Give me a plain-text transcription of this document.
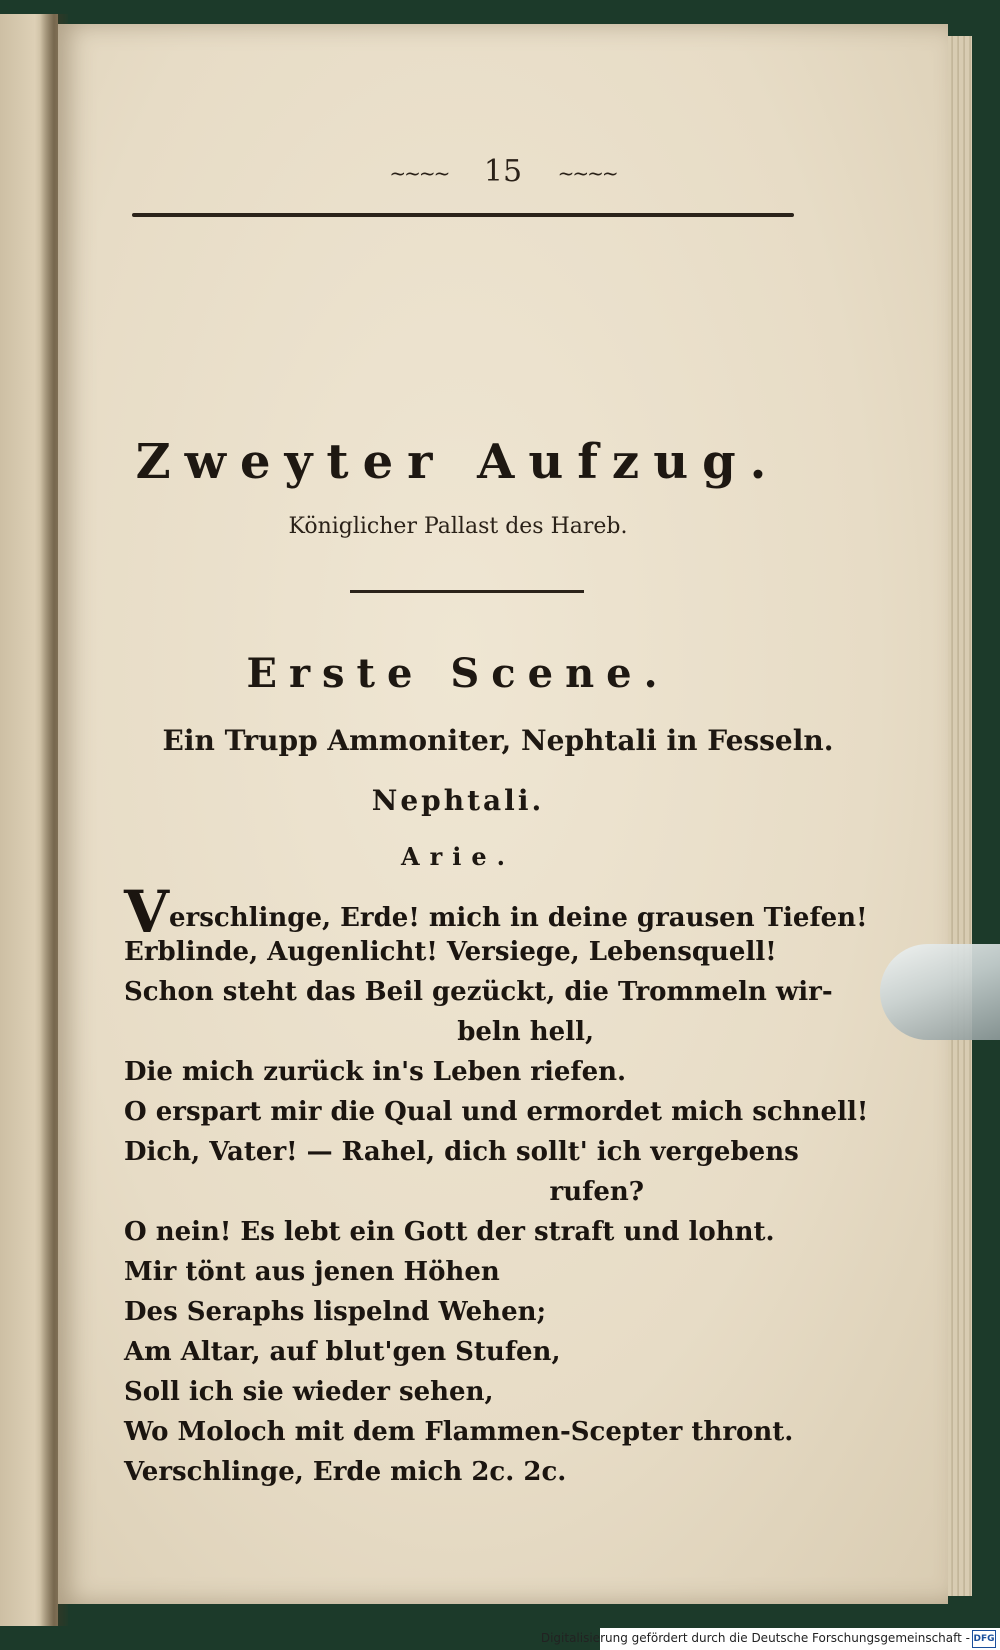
~~~~ 15 ~~~~
Zweyter Aufzug.
Königlicher Pallast des Hareb.
Erste Scene.
Ein Trupp Ammoniter, Nephtali in Fesseln.
Nephtali.
Arie.
Verschlinge, Erde! mich in deine grausen Tiefen!
Erblinde, Augenlicht! Versiege, Lebensquell!
Schon steht das Beil gezückt, die Trommeln wir-
beln hell,
Die mich zurück in's Leben riefen.
O erspart mir die Qual und ermordet mich schnell!
Dich, Vater! — Rahel, dich sollt' ich vergebens
rufen?
O nein! Es lebt ein Gott der straft und lohnt.
Mir tönt aus jenen Höhen
Des Seraphs lispelnd Wehen;
Am Altar, auf blut'gen Stufen,
Soll ich sie wieder sehen,
Wo Moloch mit dem Flammen-Scepter thront.
Verschlinge, Erde mich 2c. 2c.
Digitalisierung gefördert durch die Deutsche Forschungsgemeinschaft - DFG
